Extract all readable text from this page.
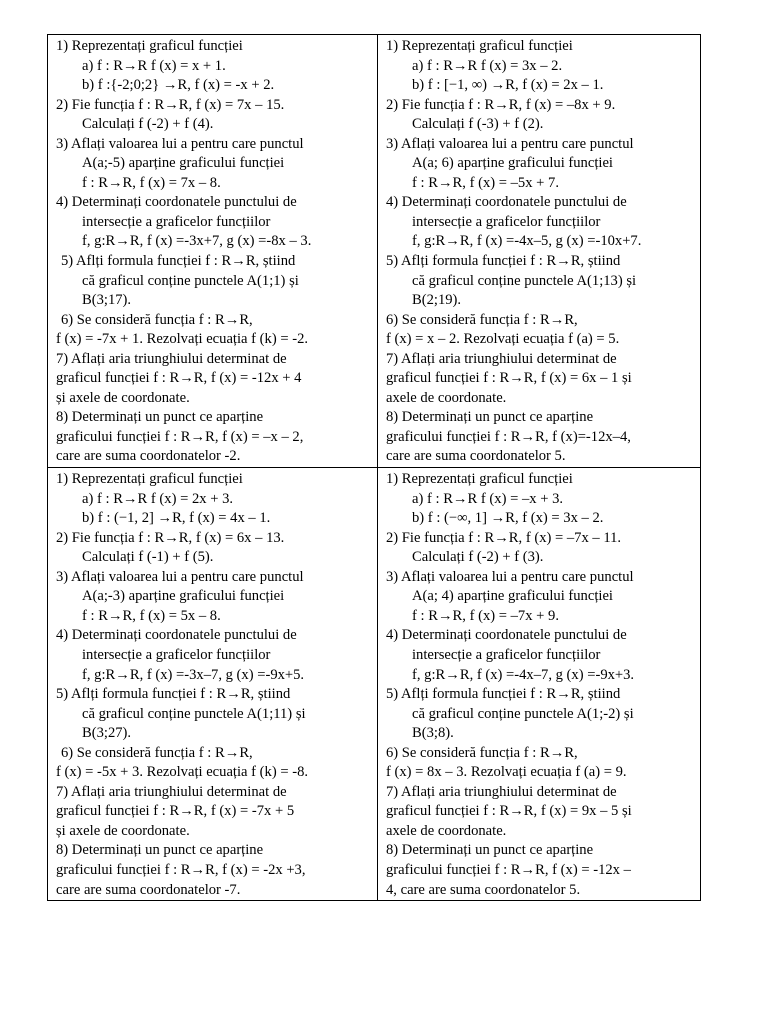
1) Reprezentați graficul funcției
a) f : R→R f (x) = x + 1.
b) f :{-2;0;2} →R, f (x) = -x + 2.
2) Fie funcția f : R→R, f (x) = 7x – 15.
Calculați f (-2) + f (4).
3) Aflați valoarea lui a pentru care punctul
A(a;-5) aparține graficului funcției
f : R→R, f (x) = 7x – 8.
4) Determinați coordonatele punctului de
intersecție a graficelor funcțiilor
f, g:R→R, f (x) =-3x+7, g (x) =-8x – 3.
5) Aflți formula funcției f : R→R, știind
că graficul conține punctele A(1;1) și
B(3;17).
6) Se consideră funcția f : R→R,
f (x) = -7x + 1. Rezolvați ecuația f (k) = -2.
7) Aflați aria triunghiului determinat de
graficul funcției f : R→R, f (x) = -12x + 4
și axele de coordonate.
8) Determinați un punct ce aparține
graficului funcției f : R→R, f (x) = –x – 2,
care are suma coordonatelor -2.
1) Reprezentați graficul funcției
a) f : R→R f (x) = 3x – 2.
b) f : [−1, ∞) →R, f (x) = 2x – 1.
2) Fie funcția f : R→R, f (x) = –8x + 9.
Calculați f (-3) + f (2).
3) Aflați valoarea lui a pentru care punctul
A(a; 6) aparține graficului funcției
f : R→R, f (x) = –5x + 7.
4) Determinați coordonatele punctului de
intersecție a graficelor funcțiilor
f, g:R→R, f (x) =-4x–5, g (x) =-10x+7.
5) Aflți formula funcției f : R→R, știind
că graficul conține punctele A(1;13) și
B(2;19).
6) Se consideră funcția f : R→R,
f (x) = x – 2. Rezolvați ecuația f (a) = 5.
7) Aflați aria triunghiului determinat de
graficul funcției f : R→R, f (x) = 6x – 1 și
axele de coordonate.
8) Determinați un punct ce aparține
graficului funcției f : R→R, f (x)=-12x–4,
care are suma coordonatelor 5.
1) Reprezentați graficul funcției
a) f : R→R f (x) = 2x + 3.
b) f : (−1, 2] →R, f (x) = 4x – 1.
2) Fie funcția f : R→R, f (x) = 6x – 13.
Calculați f (-1) + f (5).
3) Aflați valoarea lui a pentru care punctul
A(a;-3) aparține graficului funcției
f : R→R, f (x) = 5x – 8.
4) Determinați coordonatele punctului de
intersecție a graficelor funcțiilor
f, g:R→R, f (x) =-3x–7, g (x) =-9x+5.
5) Aflți formula funcției f : R→R, știind
că graficul conține punctele A(1;11) și
B(3;27).
6) Se consideră funcția f : R→R,
f (x) = -5x + 3. Rezolvați ecuația f (k) = -8.
7) Aflați aria triunghiului determinat de
graficul funcției f : R→R, f (x) = -7x + 5
și axele de coordonate.
8) Determinați un punct ce aparține
graficului funcției f : R→R, f (x) = -2x +3,
care are suma coordonatelor -7.
1) Reprezentați graficul funcției
a) f : R→R f (x) = –x + 3.
b) f : (−∞, 1] →R, f (x) = 3x – 2.
2) Fie funcția f : R→R, f (x) = –7x – 11.
Calculați f (-2) + f (3).
3) Aflați valoarea lui a pentru care punctul
A(a; 4) aparține graficului funcției
f : R→R, f (x) = –7x + 9.
4) Determinați coordonatele punctului de
intersecție a graficelor funcțiilor
f, g:R→R, f (x) =-4x–7, g (x) =-9x+3.
5) Aflți formula funcției f : R→R, știind
că graficul conține punctele A(1;-2) și
B(3;8).
6) Se consideră funcția f : R→R,
f (x) = 8x – 3. Rezolvați ecuația f (a) = 9.
7) Aflați aria triunghiului determinat de
graficul funcției f : R→R, f (x) = 9x – 5 și
axele de coordonate.
8) Determinați un punct ce aparține
graficului funcției f : R→R, f (x) = -12x –
4, care are suma coordonatelor 5.
